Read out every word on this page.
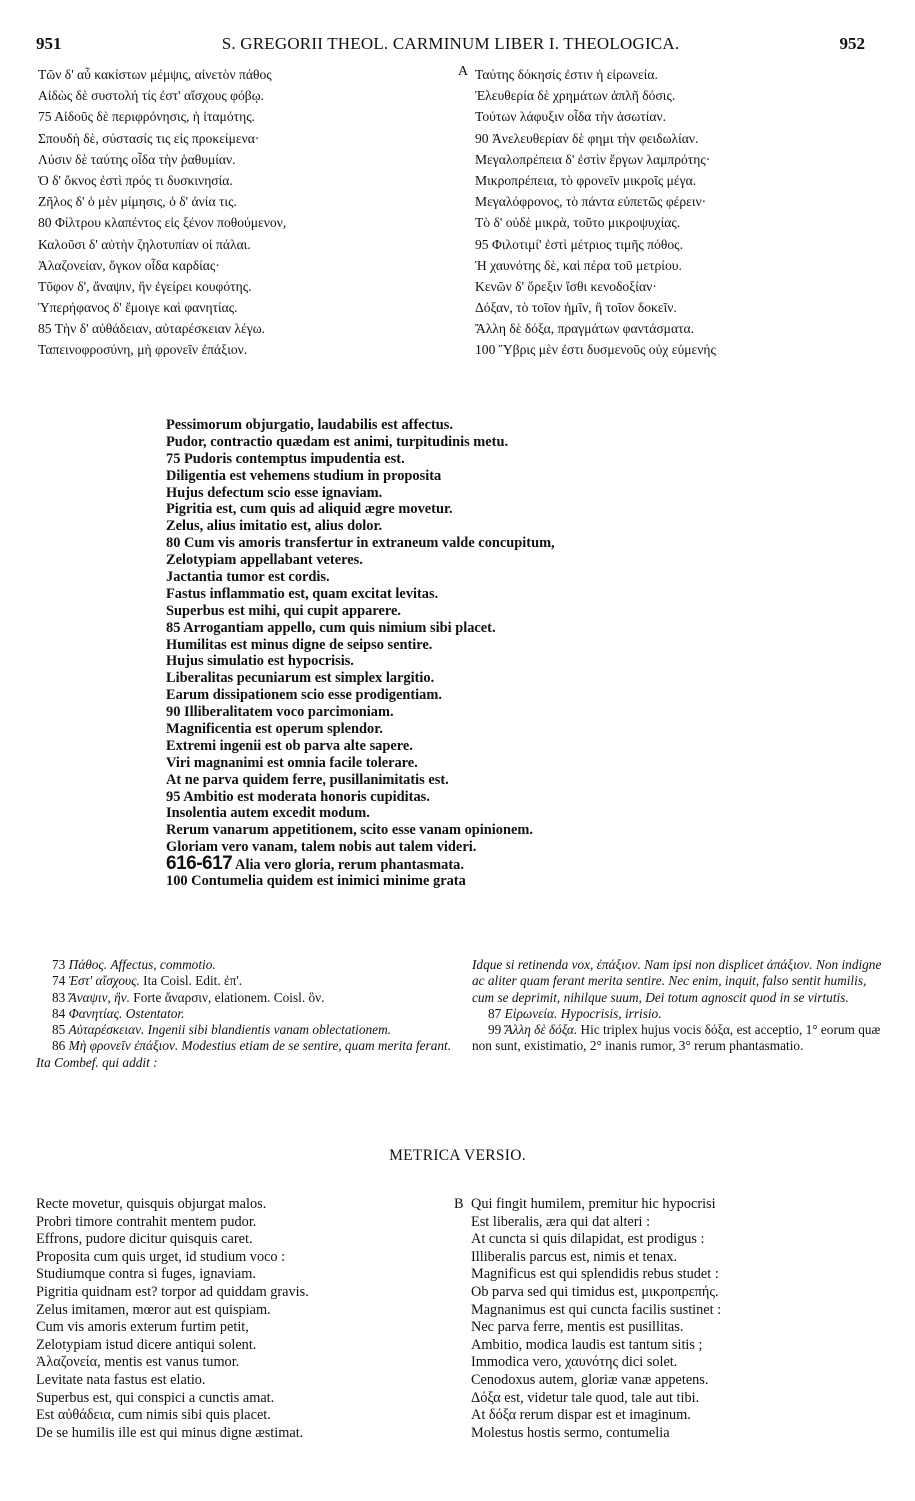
951	S. GREGORII THEOL. CARMINUM LIBER I. THEOLOGICA.	952
Τῶν δ' αὖ κακίστων μέμψις, αἰνετὸν πάθος
Αἰδὼς δὲ συστολή τίς ἐστ' αἴσχους φόβῳ.
75 Αἰδοῦς δὲ περιφρόνησις, ἡ ἰταμότης.
Σπουδὴ δὲ, σύστασίς τις εἰς προκείμενα·
Λύσιν δὲ ταύτης οἶδα τὴν ῥαθυμίαν.
Ὁ δ' ὄκνος ἐστὶ πρός τι δυσκινησία.
Ζῆλος δ' ὁ μὲν μίμησις, ὁ δ' ἀνία τις.
80 Φίλτρου κλαπέντος εἰς ξένον ποθούμενον,
Καλοῦσι δ' αὐτὴν ζηλοτυπίαν οἱ πάλαι.
Ἀλαζονείαν, ὄγκον οἶδα καρδίας·
Τῦφον δ', ἄναψιν, ἣν ἐγείρει κουφότης.
Ὑπερήφανος δ' ἔμοιγε καὶ φανητίας.
85 Τὴν δ' αὐθάδειαν, αὐταρέσκειαν λέγω.
Ταπεινοφροσύνη, μὴ φρονεῖν ἐπάξιον.
A Ταύτης δόκησίς ἐστιν ἡ εἰρωνεία.
Ἐλευθερία δὲ χρημάτων ἁπλῆ δόσις.
Τούτων λάφυξιν οἶδα τὴν ἀσωτίαν.
90 Ἀνελευθερίαν δὲ φημι τὴν φειδωλίαν.
Μεγαλοπρέπεια δ' ἐστὶν ἔργων λαμπρότης·
Μικροπρέπεια, τὸ φρονεῖν μικροῖς μέγα.
Μεγαλόφρονος, τὸ πάντα εὐπετῶς φέρειν·
Τὸ δ' οὐδὲ μικρὰ, τοῦτο μικροψυχίας.
95 Φιλοτιμί' ἐστὶ μέτριος τιμῆς πόθος.
Ἡ χαυνότης δὲ, καὶ πέρα τοῦ μετρίου.
Κενῶν δ' ὄρεξιν ἴσθι κενοδοξίαν·
Δόξαν, τὸ τοῖον ἡμῖν, ἢ τοῖον δοκεῖν.
Ἄλλη δὲ δόξα, πραγμάτων φαντάσματα.
100 Ὕβρις μὲν ἐστι δυσμενοῦς οὐχ εὐμενής
Pessimorum objurgatio, laudabilis est affectus.
Pudor, contractio quædam est animi, turpitudinis metu.
75 Pudoris contemptus impudentia est.
Diligentia est vehemens studium in proposita
Hujus defectum scio esse ignaviam.
Pigritia est, cum quis ad aliquid ægre movetur.
Zelus, alius imitatio est, alius dolor.
80 Cum vis amoris transfertur in extraneum valde concupitum,
Zelotypiam appellabant veteres.
Jactantia tumor est cordis.
Fastus inflammatio est, quam excitat levitas.
Superbus est mihi, qui cupit apparere.
85 Arrogantiam appello, cum quis nimium sibi placet.
Humilitas est minus digne de seipso sentire.
Hujus simulatio est hypocrisis.
Liberalitas pecuniarum est simplex largitio.
Earum dissipationem scio esse prodigentiam.
90 Illiberalitatem voco parcimoniam.
Magnificentia est operum splendor.
Extremi ingenii est ob parva alte sapere.
Viri magnanimi est omnia facile tolerare.
At ne parva quidem ferre, pusillanimitatis est.
95 Ambitio est moderata honoris cupiditas.
Insolentia autem excedit modum.
Rerum vanarum appetitionem, scito esse vanam opinionem.
Gloriam vero vanam, talem nobis aut talem videri.
616-617 Alia vero gloria, rerum phantasmata.
100 Contumelia quidem est inimici minime grata

73 Πάθος. Affectus, commotio.

74 Ἐστ' αἴσχους. Ita Coisl. Edit. ἐπ'.

83 Ἄναψιν, ἣν. Forte ἄναρσιν, elationem. Coisl. ὃν.

84 Φανητίας. Ostentator.

85 Αὐταρέσκειαν. Ingenii sibi blandientis vanam oblectationem.

86 Μὴ φρονεῖν ἐπάξιον. Modestius etiam de se sentire, quam merita ferant. Ita Combef. qui addit :

Idque si retinenda vox, ἐπάξιον. Nam ipsi non displicet ἀπάξιον. Non indigne ac aliter quam ferant merita sentire. Nec enim, inquit, falso sentit humilis, cum se deprimit, nihilque suum, Dei totum agnoscit quod in se virtutis.

87 Εἰρωνεία. Hypocrisis, irrisio.

99 Ἄλλη δὲ δόξα. Hic triplex hujus vocis δόξα, est acceptio, 1° eorum quæ non sunt, existimatio, 2° inanis rumor, 3° rerum phantasmatio.

METRICA VERSIO.
Recte movetur, quisquis objurgat malos.
Probri timore contrahit mentem pudor.
Effrons, pudore dicitur quisquis caret.
Proposita cum quis urget, id studium voco :
Studiumque contra si fuges, ignaviam.
Pigritia quidnam est? torpor ad quiddam gravis.
Zelus imitamen, mœror aut est quispiam.
Cum vis amoris exterum furtim petit,
Zelotypiam istud dicere antiqui solent.
Ἀλαζονεία, mentis est vanus tumor.
Levitate nata fastus est elatio.
Superbus est, qui conspici a cunctis amat.
Est αὐθάδεια, cum nimis sibi quis placet.
De se humilis ille est qui minus digne æstimat.
B Qui fingit humilem, premitur hic hypocrisi
Est liberalis, æra qui dat alteri :
At cuncta si quis dilapidat, est prodigus :
Illiberalis parcus est, nimis et tenax.
Magnificus est qui splendidis rebus studet :
Ob parva sed qui timidus est, μικροπρεπής.
Magnanimus est qui cuncta facilis sustinet :
Nec parva ferre, mentis est pusillitas.
Ambitio, modica laudis est tantum sitis ;
Immodica vero, χαυνότης dici solet.
Cenodoxus autem, gloriæ vanæ appetens.
Δόξα est, videtur tale quod, tale aut tibi.
At δόξα rerum dispar est et imaginum.
Molestus hostis sermo, contumelia
